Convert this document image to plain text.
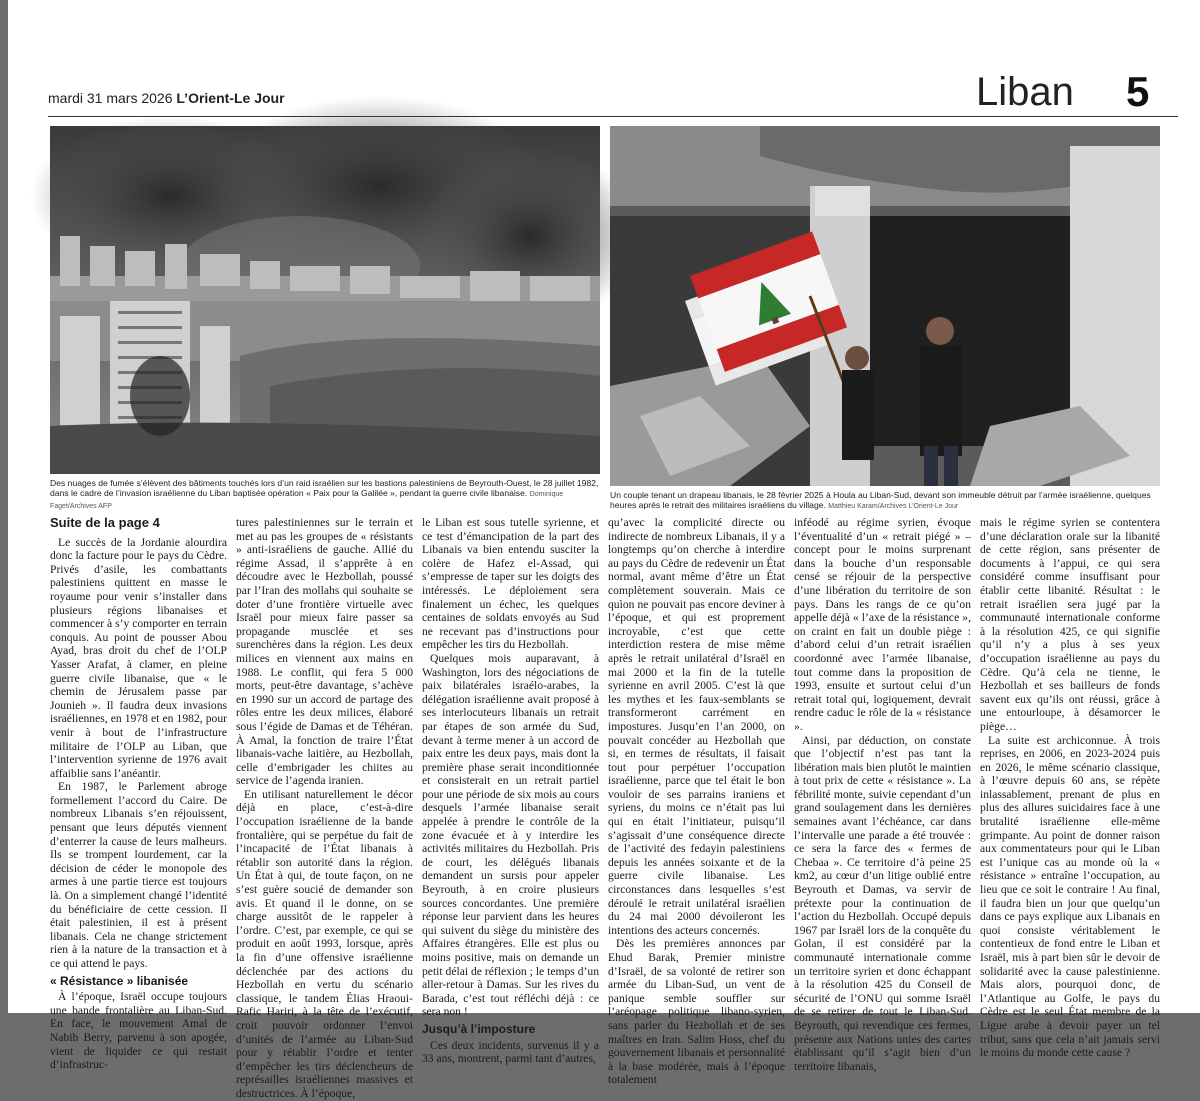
mardi 31 mars 2026 L’Orient-Le Jour	Liban 5
Des nuages de fumée s’élèvent des bâtiments touchés lors d’un raid israélien sur les bastions palestiniens de Beyrouth-Ouest, le 28 juillet 1982, dans le cadre de l’invasion israélienne du Liban baptisée opération « Paix pour la Galilée », pendant la guerre civile libanaise. Dominique Faget/Archives AFP
Un couple tenant un drapeau libanais, le 28 février 2025 à Houla au Liban-Sud, devant son immeuble détruit par l’armée israélienne, quelques heures après le retrait des militaires israéliens du village. Matthieu Karam/Archives L’Orient-Le Jour

Suite de la page 4

Le succès de la Jordanie alourdira donc la facture pour le pays du Cèdre. Privés d’asile, les combattants palestiniens quittent en masse le royaume pour venir s’installer dans plusieurs régions libanaises et commencer à s’y comporter en terrain conquis. Au point de pousser Abou Ayad, bras droit du chef de l’OLP Yasser Arafat, à clamer, en pleine guerre civile libanaise, que « le chemin de Jérusalem passe par Jounieh ». Il faudra deux invasions israéliennes, en 1978 et en 1982, pour venir à bout de l’infrastructure militaire de l’OLP au Liban, que l’intervention syrienne de 1976 avait affaiblie sans l’anéantir.

En 1987, le Parlement abroge formellement l’accord du Caire. De nombreux Libanais s’en réjouissent, pensant que leurs députés viennent d’enterrer la cause de leurs malheurs. Ils se trompent lourdement, car la décision de céder le monopole des armes à une partie tierce est toujours là. On a simplement changé l’identité du bénéficiaire de cette cession. Il était palestinien, il est à présent libanais. Cela ne change strictement rien à la nature de la transaction et à ce qui attend le pays.

« Résistance » libanisée

À l’époque, Israël occupe toujours une bande frontalière au Liban-Sud. En face, le mouvement Amal de Nabih Berry, parvenu à son apogée, vient de liquider ce qui restait d’infrastruc-

tures palestiniennes sur le terrain et met au pas les groupes de « résistants » anti-israéliens de gauche. Allié du régime Assad, il s’apprête à en découdre avec le Hezbollah, poussé par l’Iran des mollahs qui souhaite se doter d’une frontière virtuelle avec Israël pour mieux faire passer sa propagande musclée et ses surenchères dans la région. Les deux milices en viennent aux mains en 1988. Le conflit, qui fera 5 000 morts, peut-être davantage, s’achève en 1990 sur un accord de partage des rôles entre les deux milices, élaboré sous l’égide de Damas et de Téhéran. À Amal, la fonction de traire l’État libanais-vache laitière, au Hezbollah, celle d’embrigader les chiites au service de l’agenda iranien.

En utilisant naturellement le décor déjà en place, c’est-à-dire l’occupation israélienne de la bande frontalière, qui se perpétue du fait de l’incapacité de l’État libanais à rétablir son autorité dans la région. Un État à qui, de toute façon, on ne s’est guère soucié de demander son avis. Et quand il le donne, on se charge aussitôt de le rappeler à l’ordre. C’est, par exemple, ce qui se produit en août 1993, lorsque, après la fin d’une offensive israélienne déclenchée par des actions du Hezbollah en vertu du scénario classique, le tandem Élias Hraoui-Rafic Hariri, à la tête de l’exécutif, croit pouvoir ordonner l’envoi d’unités de l’armée au Liban-Sud pour y rétablir l’ordre et tenter d’empêcher les tirs déclencheurs de représailles israéliennes massives et destructrices. À l’époque,

le Liban est sous tutelle syrienne, et ce test d’émancipation de la part des Libanais va bien entendu susciter la colère de Hafez el-Assad, qui s’empresse de taper sur les doigts des intéressés. Le déploiement sera finalement un échec, les quelques centaines de soldats envoyés au Sud ne recevant pas d’instructions pour empêcher les tirs du Hezbollah.

Quelques mois auparavant, à Washington, lors des négociations de paix bilatérales israélo-arabes, la délégation israélienne avait proposé à ses interlocuteurs libanais un retrait par étapes de son armée du Sud, devant à terme mener à un accord de paix entre les deux pays, mais dont la première phase serait inconditionnée et consisterait en un retrait partiel pour une période de six mois au cours desquels l’armée libanaise serait appelée à prendre le contrôle de la zone évacuée et à y interdire les activités militaires du Hezbollah. Pris de court, les délégués libanais demandent un sursis pour appeler Beyrouth, à en croire plusieurs sources concordantes. Une première réponse leur parvient dans les heures qui suivent du siège du ministère des Affaires étrangères. Elle est plus ou moins positive, mais on demande un petit délai de réflexion ; le temps d’un aller-retour à Damas. Sur les rives du Barada, c’est tout réfléchi déjà : ce sera non !

Jusqu’à l’imposture

Ces deux incidents, survenus il y a 33 ans, montrent, parmi tant d’autres,

qu’avec la complicité directe ou indirecte de nombreux Libanais, il y a longtemps qu’on cherche à interdire au pays du Cèdre de redevenir un État normal, avant même d’être un État complètement souverain. Mais ce quìon ne pouvait pas encore deviner à l’époque, et qui est proprement incroyable, c’est que cette interdiction restera de mise même après le retrait unilatéral d’Israël en mai 2000 et la fin de la tutelle syrienne en avril 2005. C’est là que les mythes et les faux-semblants se transformeront carrément en impostures. Jusqu’en l’an 2000, on pouvait concéder au Hezbollah que si, en termes de résultats, il faisait tout pour perpétuer l’occupation israélienne, parce que tel était le bon vouloir de ses parrains iraniens et syriens, du moins ce n’était pas lui qui en était l’initiateur, puisqu’il s’agissait d’une conséquence directe de l’activité des fedayin palestiniens depuis les années soixante et de la guerre civile libanaise. Les circonstances dans lesquelles s’est déroulé le retrait unilatéral israélien du 24 mai 2000 dévoileront les intentions des acteurs concernés.

Dès les premières annonces par Ehud Barak, Premier ministre d’Israël, de sa volonté de retirer son armée du Liban-Sud, un vent de panique semble souffler sur l’aréopage politique libano-syrien, sans parler du Hezbollah et de ses maîtres en Iran. Salim Hoss, chef du gouvernement libanais et personnalité à la base modérée, mais à l’époque totalement

inféodé au régime syrien, évoque l’éventualité d’un « retrait piégé » – concept pour le moins surprenant dans la bouche d’un responsable censé se réjouir de la perspective d’une libération du territoire de son pays. Dans les rangs de ce qu’on appelle déjà « l’axe de la résistance », on craint en fait un double piège : d’abord celui d’un retrait israélien coordonné avec l’armée libanaise, tout comme dans la proposition de 1993, ensuite et surtout celui d’un retrait total qui, logiquement, devrait rendre caduc le rôle de la « résistance ».

Ainsi, par déduction, on constate que l’objectif n’est pas tant la libération mais bien plutôt le maintien à tout prix de cette « résistance ». La fébrilité monte, suivie cependant d’un grand soulagement dans les dernières semaines avant l’échéance, car dans l’intervalle une parade a été trouvée : ce sera la farce des « fermes de Chebaa ». Ce territoire d’à peine 25 km2, au cœur d’un litige oublié entre Beyrouth et Damas, va servir de prétexte pour la continuation de l’action du Hezbollah. Occupé depuis 1967 par Israël lors de la conquête du Golan, il est considéré par la communauté internationale comme un territoire syrien et donc échappant à la résolution 425 du Conseil de sécurité de l’ONU qui somme Israël de se retirer de tout le Liban-Sud. Beyrouth, qui revendique ces fermes, présente aux Nations unies des cartes établissant qu’il s’agit bien d’un territoire libanais,

mais le régime syrien se contentera d’une déclaration orale sur la libanité de cette région, sans présenter de documents à l’appui, ce qui sera considéré comme insuffisant pour établir cette libanité. Résultat : le retrait israélien sera jugé par la communauté internationale conforme à la résolution 425, ce qui signifie qu’il n’y a plus à ses yeux d’occupation israélienne au pays du Cèdre. Qu’à cela ne tienne, le Hezbollah et ses bailleurs de fonds savent eux qu’ils ont réussi, grâce à une entourloupe, à désamorcer le piège…

La suite est archiconnue. À trois reprises, en 2006, en 2023-2024 puis en 2026, le même scénario classique, à l’œuvre depuis 60 ans, se répète inlassablement, prenant de plus en plus des allures suicidaires face à une brutalité israélienne elle-même grimpante. Au point de donner raison aux commentateurs pour qui le Liban est l’unique cas au monde où la « résistance » entraîne l’occupation, au lieu que ce soit le contraire ! Au final, il faudra bien un jour que quelqu’un dans ce pays explique aux Libanais en quoi consiste véritablement le contentieux de fond entre le Liban et Israël, mis à part bien sûr le devoir de solidarité avec la cause palestinienne. Mais alors, pourquoi donc, de l’Atlantique au Golfe, le pays du Cèdre est le seul État membre de la Ligue arabe à devoir payer un tel tribut, sans que cela n’ait jamais servi le moins du monde cette cause ?
